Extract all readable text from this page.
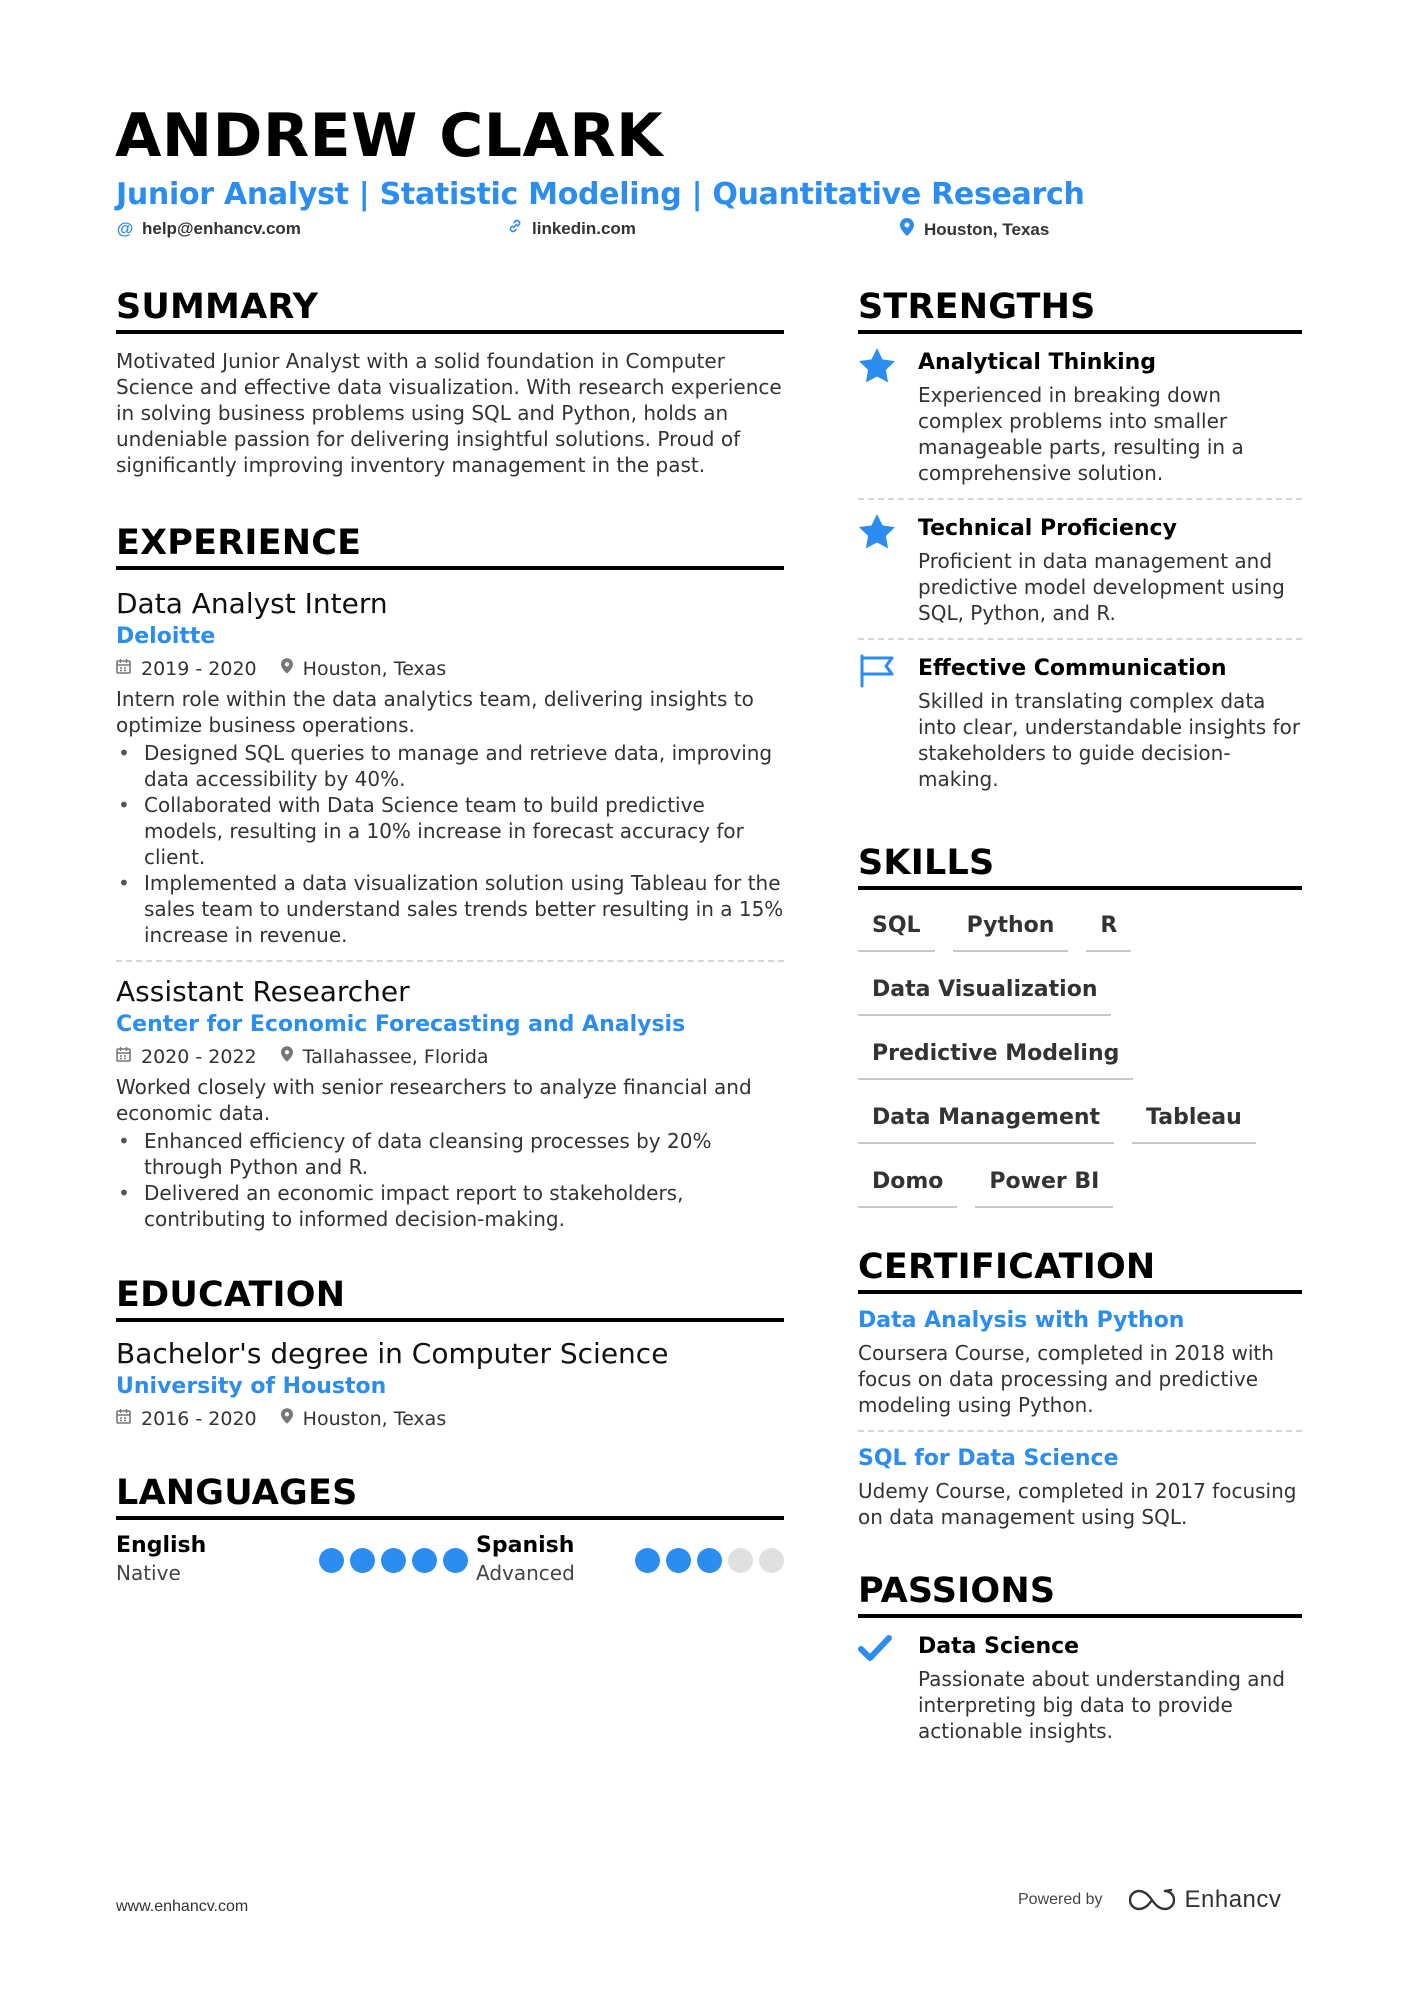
ANDREW CLARK
Junior Analyst | Statistic Modeling | Quantitative Research
@ help@enhancv.com	linkedin.com	Houston, Texas
SUMMARY

Motivated Junior Analyst with a solid foundation in Computer Science and effective data visualization. With research experience in solving business problems using SQL and Python, holds an undeniable passion for delivering insightful solutions. Proud of significantly improving inventory management in the past.

EXPERIENCE
Data Analyst Intern
Deloitte
2019 - 2020 Houston, Texas

Intern role within the data analytics team, delivering insights to optimize business operations.

• Designed SQL queries to manage and retrieve data, improving data accessibility by 40%.
• Collaborated with Data Science team to build predictive models, resulting in a 10% increase in forecast accuracy for client.
• Implemented a data visualization solution using Tableau for the sales team to understand sales trends better resulting in a 15% increase in revenue.
Assistant Researcher
Center for Economic Forecasting and Analysis
2020 - 2022 Tallahassee, Florida

Worked closely with senior researchers to analyze financial and economic data.

• Enhanced efficiency of data cleansing processes by 20% through Python and R.
• Delivered an economic impact report to stakeholders, contributing to informed decision-making.
EDUCATION
Bachelor's degree in Computer Science
University of Houston
2016 - 2020 Houston, Texas
LANGUAGES
English
Native
Spanish
Advanced
STRENGTHS
Analytical Thinking
Experienced in breaking down complex problems into smaller manageable parts, resulting in a comprehensive solution.
Technical Proficiency
Proficient in data management and predictive model development using SQL, Python, and R.
Effective Communication
Skilled in translating complex data into clear, understandable insights for stakeholders to guide decision-making.
SKILLS
SQL	Python	R
Data Visualization
Predictive Modeling
Data Management	Tableau
Domo	Power BI
CERTIFICATION
Data Analysis with Python
Coursera Course, completed in 2018 with focus on data processing and predictive modeling using Python.
SQL for Data Science
Udemy Course, completed in 2017 focusing on data management using SQL.
PASSIONS
Data Science
Passionate about understanding and interpreting big data to provide actionable insights.
www.enhancv.com	Powered by	Enhancv
